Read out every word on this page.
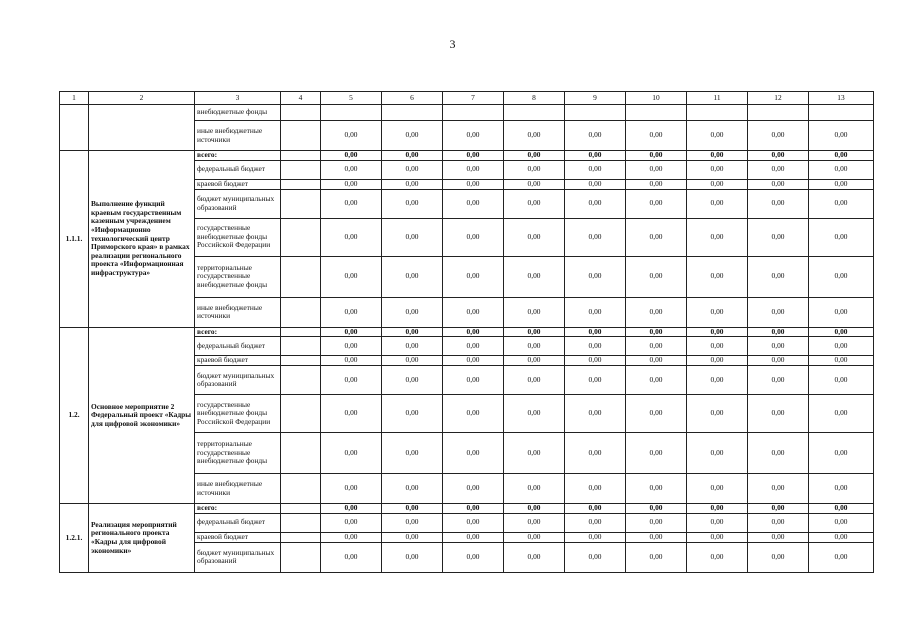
3
1	2	3	4	5	6	7	8	9	10	11	12	13
		внебюджетные фонды										
		иные внебюджетные источники		0,00	0,00	0,00	0,00	0,00	0,00	0,00	0,00	0,00
1.1.1.	Выполнение функций краевым государственным казенным учреждением «Информационно технологический центр Приморского края» в рамках реализации регионального проекта «Информационная инфраструктура»	всего:		0,00	0,00	0,00	0,00	0,00	0,00	0,00	0,00	0,00
		федеральный бюджет		0,00	0,00	0,00	0,00	0,00	0,00	0,00	0,00	0,00
		краевой бюджет		0,00	0,00	0,00	0,00	0,00	0,00	0,00	0,00	0,00
		бюджет муниципальных образований		0,00	0,00	0,00	0,00	0,00	0,00	0,00	0,00	0,00
		государственные внебюджетные фонды Российской Федерации		0,00	0,00	0,00	0,00	0,00	0,00	0,00	0,00	0,00
		территориальные государственные внебюджетные фонды		0,00	0,00	0,00	0,00	0,00	0,00	0,00	0,00	0,00
		иные внебюджетные источники		0,00	0,00	0,00	0,00	0,00	0,00	0,00	0,00	0,00
1.2.	Основное мероприятие 2 Федеральный проект «Кадры для цифровой экономики»	всего:		0,00	0,00	0,00	0,00	0,00	0,00	0,00	0,00	0,00
		федеральный бюджет		0,00	0,00	0,00	0,00	0,00	0,00	0,00	0,00	0,00
		краевой бюджет		0,00	0,00	0,00	0,00	0,00	0,00	0,00	0,00	0,00
		бюджет муниципальных образований		0,00	0,00	0,00	0,00	0,00	0,00	0,00	0,00	0,00
		государственные внебюджетные фонды Российской Федерации		0,00	0,00	0,00	0,00	0,00	0,00	0,00	0,00	0,00
		территориальные государственные внебюджетные фонды		0,00	0,00	0,00	0,00	0,00	0,00	0,00	0,00	0,00
		иные внебюджетные источники		0,00	0,00	0,00	0,00	0,00	0,00	0,00	0,00	0,00
1.2.1.	Реализация мероприятий регионального проекта «Кадры для цифровой экономики»	всего:		0,00	0,00	0,00	0,00	0,00	0,00	0,00	0,00	0,00
		федеральный бюджет		0,00	0,00	0,00	0,00	0,00	0,00	0,00	0,00	0,00
		краевой бюджет		0,00	0,00	0,00	0,00	0,00	0,00	0,00	0,00	0,00
		бюджет муниципальных образований		0,00	0,00	0,00	0,00	0,00	0,00	0,00	0,00	0,00
